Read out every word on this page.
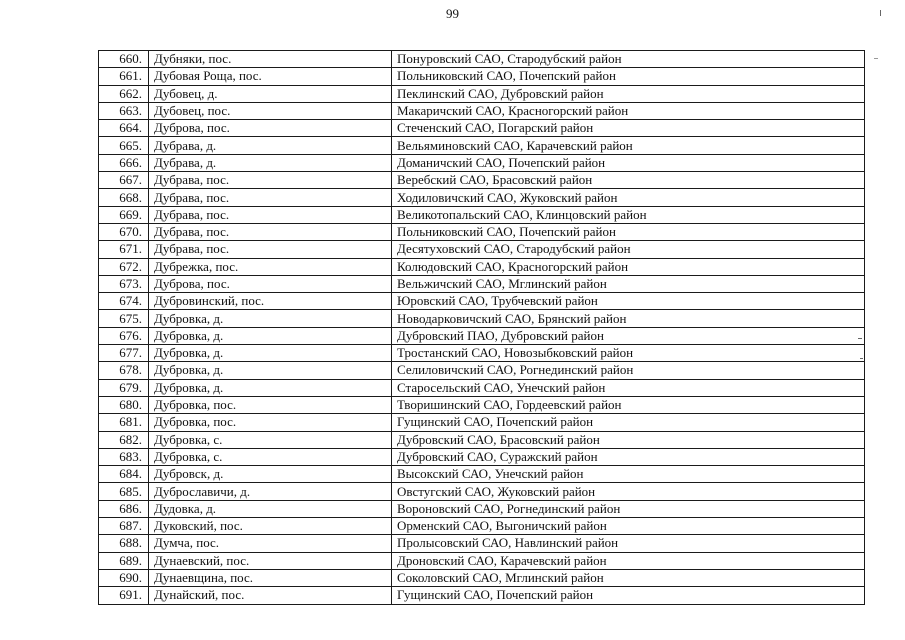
99
660.	Дубняки, пос.	Понуровский САО, Стародубский район
661.	Дубовая Роща, пос.	Польниковский САО, Почепский район
662.	Дубовец, д.	Пеклинский САО, Дубровский район
663.	Дубовец, пос.	Макаричский САО, Красногорский район
664.	Дуброва, пос.	Стеченский САО, Погарский район
665.	Дубрава, д.	Вельяминовский САО, Карачевский район
666.	Дубрава, д.	Доманичский САО, Почепский район
667.	Дубрава, пос.	Веребский САО, Брасовский район
668.	Дубрава, пос.	Ходиловичский САО, Жуковский район
669.	Дубрава, пос.	Великотопальский САО, Клинцовский район
670.	Дубрава, пос.	Польниковский САО, Почепский район
671.	Дубрава, пос.	Десятуховский САО, Стародубский район
672.	Дубрежка, пос.	Колюдовский САО, Красногорский район
673.	Дуброва, пос.	Вельжичский САО, Мглинский район
674.	Дубровинский, пос.	Юровский САО, Трубчевский район
675.	Дубровка, д.	Новодарковичский САО, Брянский район
676.	Дубровка, д.	Дубровский ПАО, Дубровский район
677.	Дубровка, д.	Тростанский САО, Новозыбковский район
678.	Дубровка, д.	Селиловичский САО, Рогнединский район
679.	Дубровка, д.	Старосельский САО, Унечский район
680.	Дубровка, пос.	Творишинский САО, Гордеевский район
681.	Дубровка, пос.	Гущинский САО, Почепский район
682.	Дубровка, с.	Дубровский САО, Брасовский район
683.	Дубровка, с.	Дубровский САО, Суражский район
684.	Дубровск, д.	Высокский САО, Унечский район
685.	Дуброславичи, д.	Овстугский САО, Жуковский район
686.	Дудовка, д.	Вороновский САО, Рогнединский район
687.	Дуковский, пос.	Орменский САО, Выгоничский район
688.	Думча, пос.	Пролысовский САО, Навлинский район
689.	Дунаевский, пос.	Дроновский САО, Карачевский район
690.	Дунаевщина, пос.	Соколовский САО, Мглинский район
691.	Дунайский, пос.	Гущинский САО, Почепский район
